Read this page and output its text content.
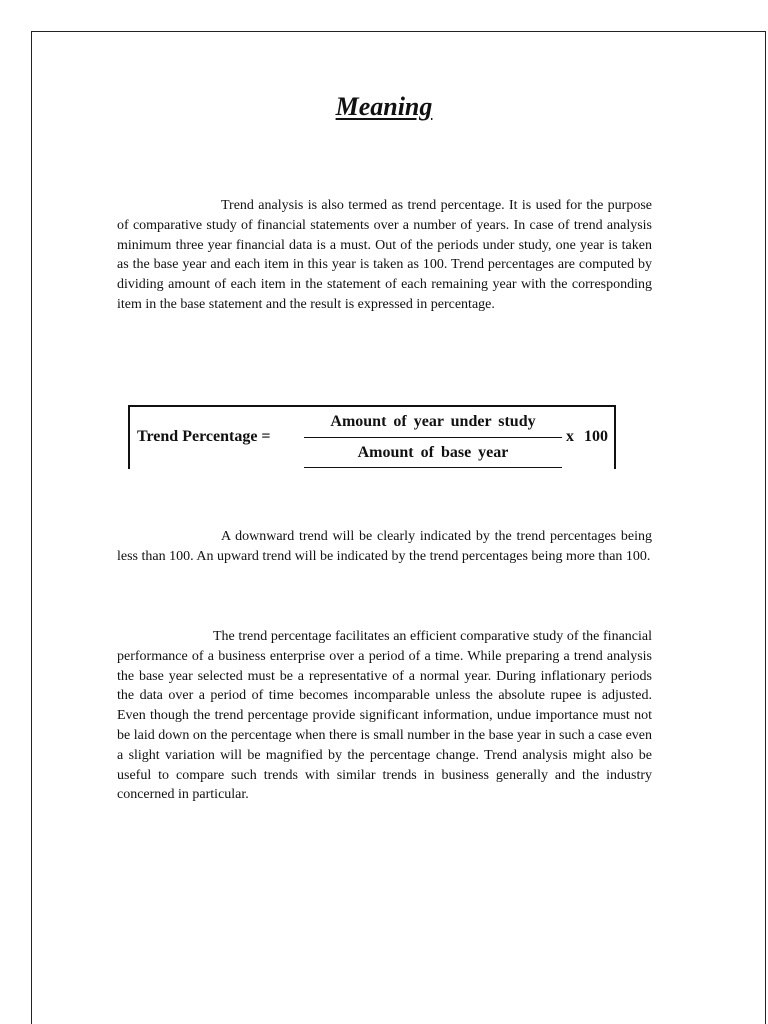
Meaning

Trend analysis is also termed as trend percentage. It is used for the purpose of comparative study of financial statements over a number of years. In case of trend analysis minimum three year financial data is a must. Out of the periods under study, one year is taken as the base year and each item in this year is taken as 100. Trend percentages are computed by dividing amount of each item in the statement of each remaining year with the corresponding item in the base statement and the result is expressed in percentage.

Trend Percentage =
Amount of year under study
Amount of base year
x 100

A downward trend will be clearly indicated by the trend percentages being less than 100. An upward trend will be indicated by the trend percentages being more than 100.

The trend percentage facilitates an efficient comparative study of the financial performance of a business enterprise over a period of a time. While preparing a trend analysis the base year selected must be a representative of a normal year. During inflationary periods the data over a period of time becomes incomparable unless the absolute rupee is adjusted. Even though the trend percentage provide significant information, undue importance must not be laid down on the percentage when there is small number in the base year in such a case even a slight variation will be magnified by the percentage change. Trend analysis might also be useful to compare such trends with similar trends in business generally and the industry concerned in particular.
